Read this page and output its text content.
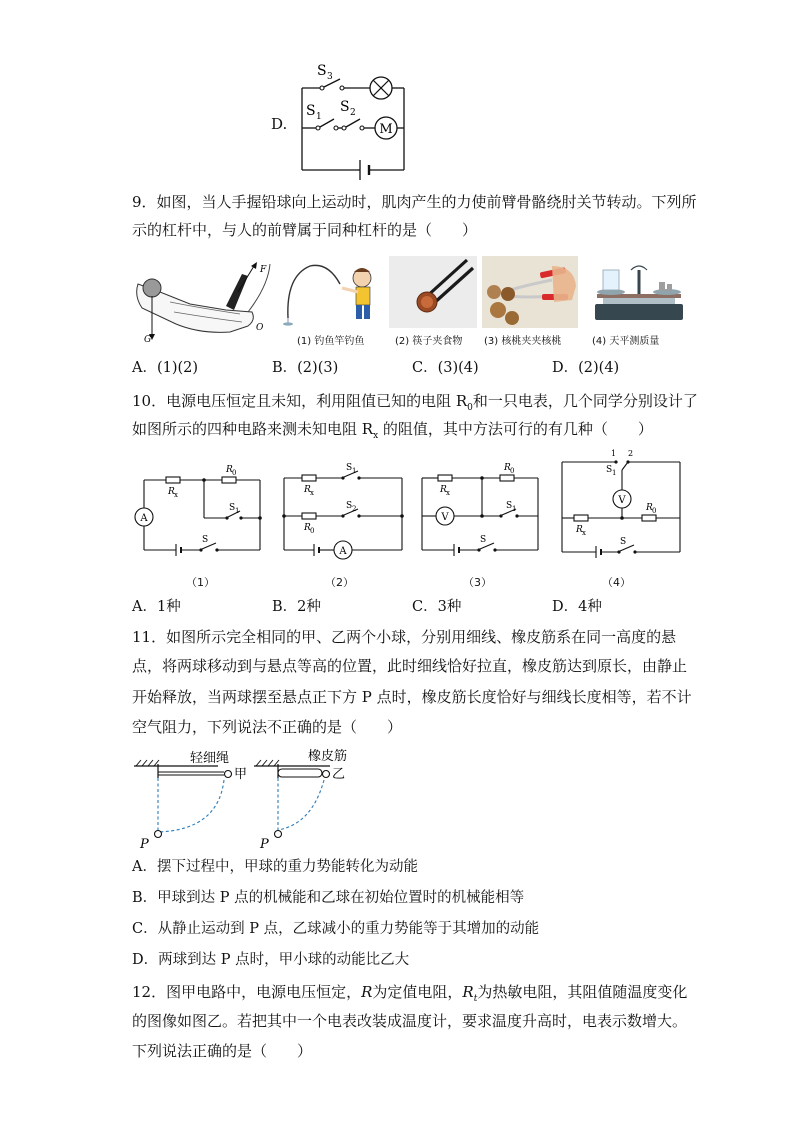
D.	M
S 3
S 1
S 2
9．如图，当人手握铅球向上运动时，肌肉产生的力使前臂骨骼绕肘关节转动。下列所
示的杠杆中，与人的前臂属于同种杠杆的是（　　）
F
G
O
(1) 钓鱼竿钓鱼	(2) 筷子夹食物 (3) 核桃夹夹核桃	(4) 天平测质量
A．(1)(2)	B．(2)(3)	C．(3)(4)	D．(2)(4)
10．电源电压恒定且未知，利用阻值已知的电阻 $R_0$和一只电表，几个同学分别设计了
如图所示的四种电路来测未知电阻 $R_x$ 的阻值，其中方法可行的有几种（　　）
A
R x
R 0
S 1
S
A
R x
R 0
S 1
S 2
V
R x
R 0
S 1
S
V
1 2
S 1
R x
R 0
S
（1）	（2）	（3）	（4）
A．1种	B．2种	C．3种	D．4种
11．如图所示完全相同的甲、乙两个小球，分别用细线、橡皮筋系在同一高度的悬
点，将两球移动到与悬点等高的位置，此时细线恰好拉直，橡皮筋达到原长，由静止
开始释放，当两球摆至悬点正下方 P 点时，橡皮筋长度恰好与细线长度相等，若不计
空气阻力，下列说法不正确的是（　　）
轻细绳
甲
P
橡皮筋
乙
P
A．摆下过程中，甲球的重力势能转化为动能
B．甲球到达 P 点的机械能和乙球在初始位置时的机械能相等
C．从静止运动到 P 点，乙球减小的重力势能等于其增加的动能
D．两球到达 P 点时，甲小球的动能比乙大
12．图甲电路中，电源电压恒定，R为定值电阻，$R_t$为热敏电阻，其阻值随温度变化
的图像如图乙。若把其中一个电表改装成温度计，要求温度升高时，电表示数增大。
下列说法正确的是（　　）
